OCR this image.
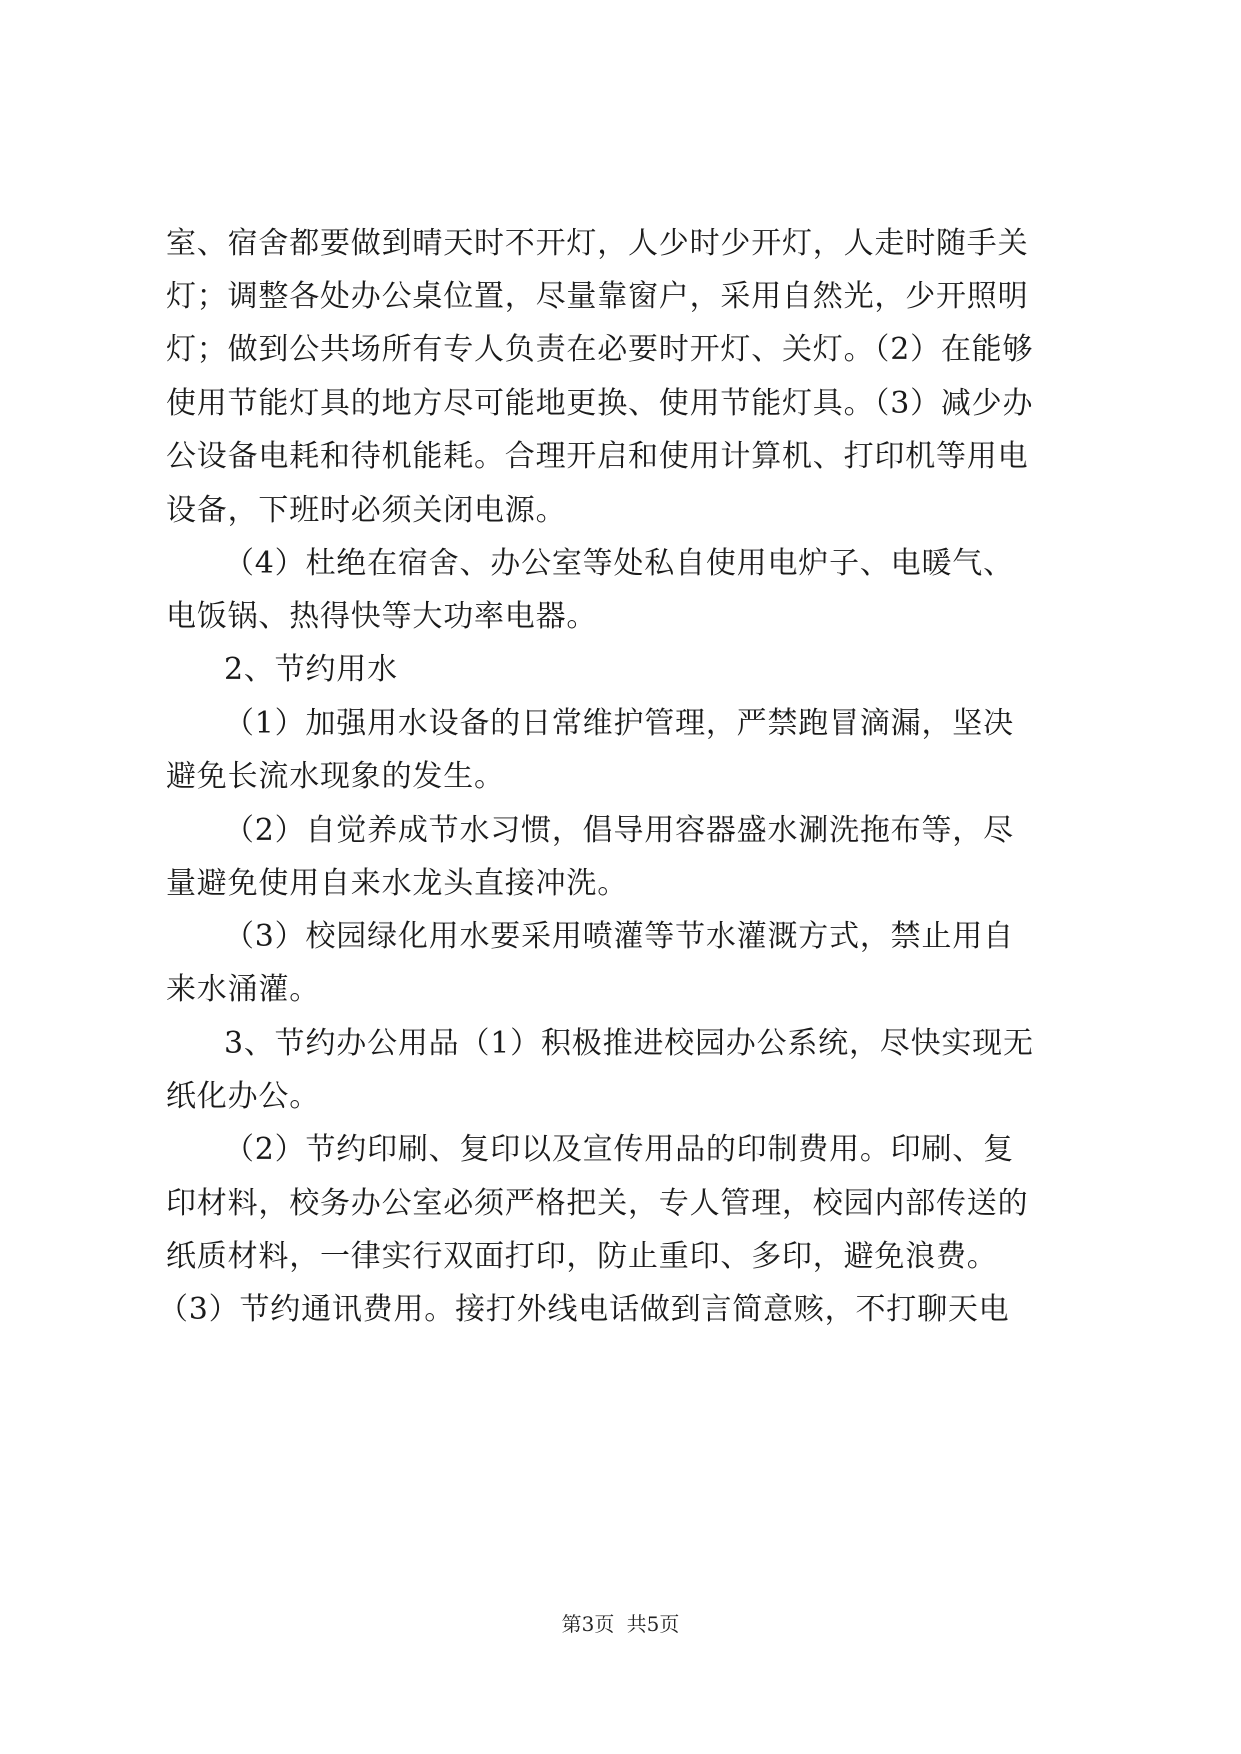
室、宿舍都要做到晴天时不开灯，人少时少开灯，人走时随手关
灯；调整各处办公桌位置，尽量靠窗户，采用自然光，少开照明
灯；做到公共场所有专人负责在必要时开灯、关灯。（2）在能够
使用节能灯具的地方尽可能地更换、使用节能灯具。（3）减少办
公设备电耗和待机能耗。合理开启和使用计算机、打印机等用电
设备，下班时必须关闭电源。
（4）杜绝在宿舍、办公室等处私自使用电炉子、电暖气、
电饭锅、热得快等大功率电器。
2、节约用水
（1）加强用水设备的日常维护管理，严禁跑冒滴漏，坚决
避免长流水现象的发生。
（2）自觉养成节水习惯，倡导用容器盛水涮洗拖布等，尽
量避免使用自来水龙头直接冲洗。
（3）校园绿化用水要采用喷灌等节水灌溉方式，禁止用自
来水涌灌。
3、节约办公用品（1）积极推进校园办公系统，尽快实现无
纸化办公。
（2）节约印刷、复印以及宣传用品的印制费用。印刷、复
印材料，校务办公室必须严格把关，专人管理，校园内部传送的
纸质材料，一律实行双面打印，防止重印、多印，避免浪费。
（3）节约通讯费用。接打外线电话做到言简意赅，不打聊天电
第3页 共5页
